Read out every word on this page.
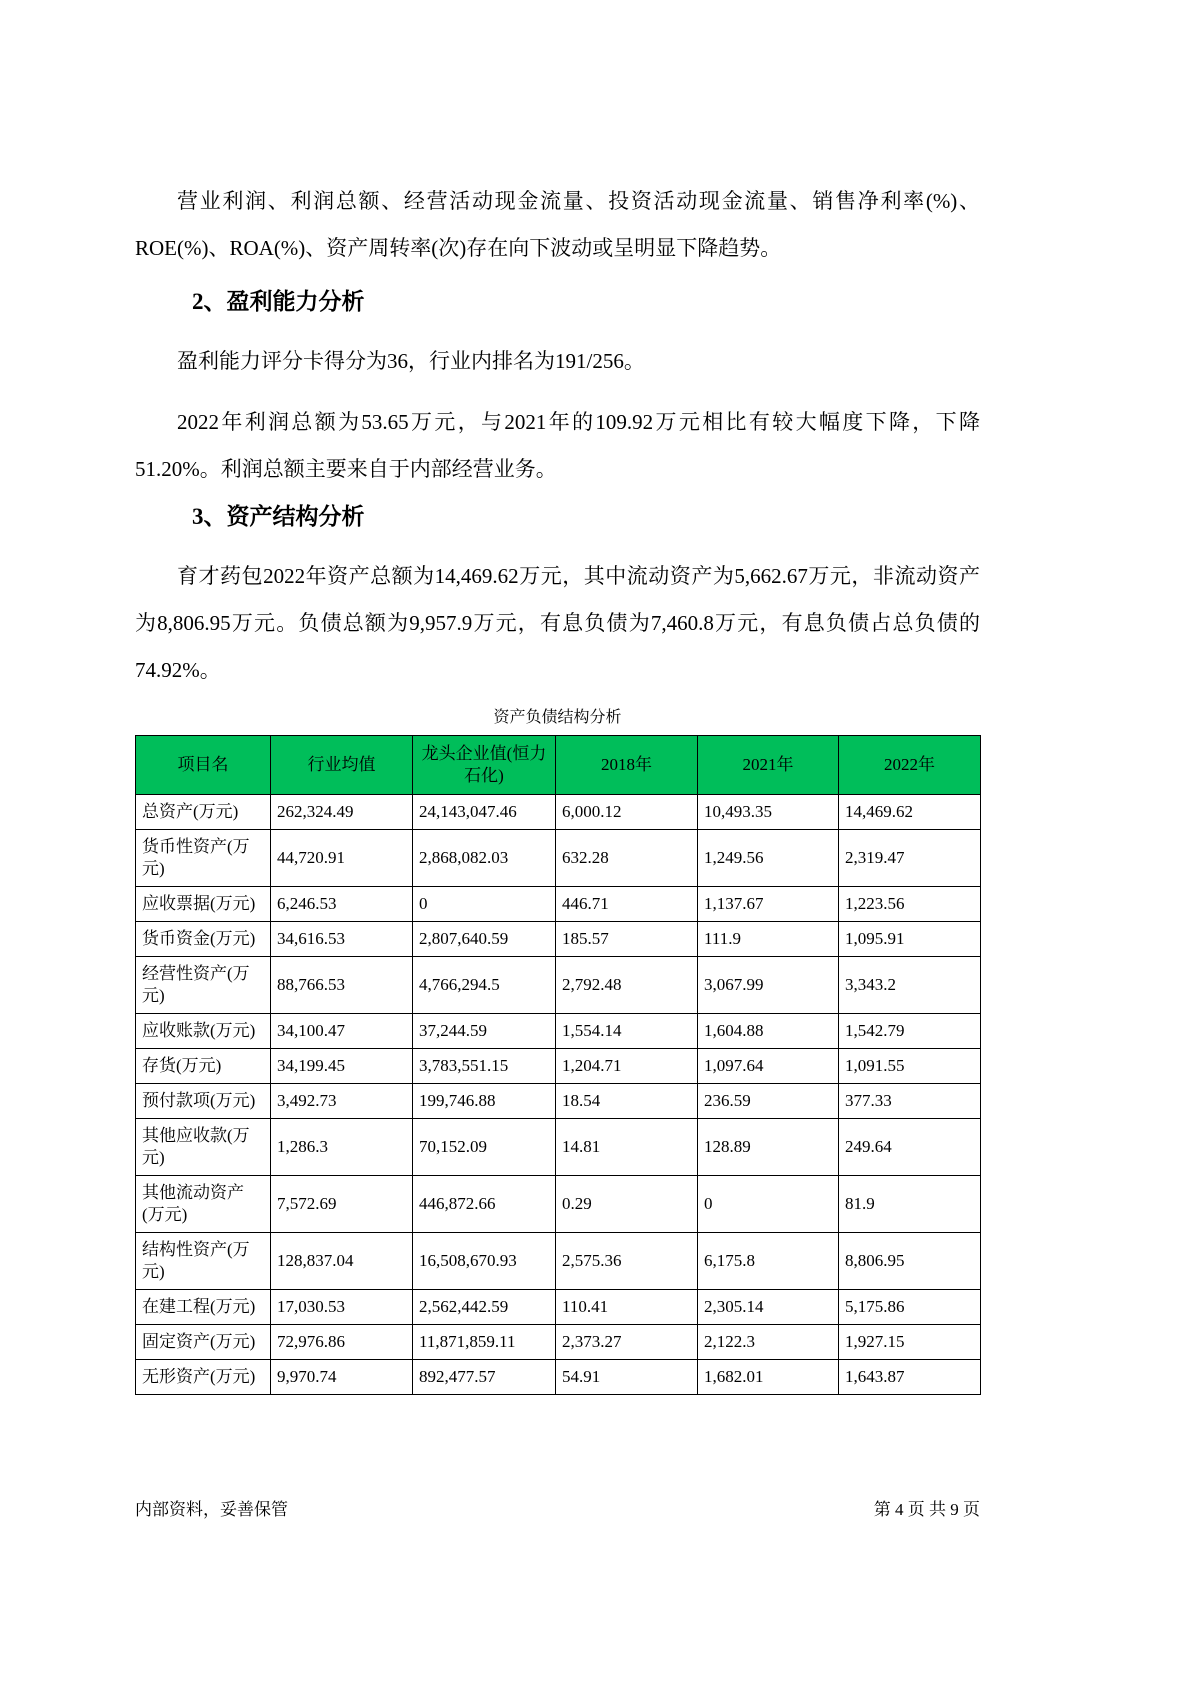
营业利润、利润总额、经营活动现金流量、投资活动现金流量、销售净利率(%)、ROE(%)、ROA(%)、资产周转率(次)存在向下波动或呈明显下降趋势。

2、盈利能力分析

盈利能力评分卡得分为36，行业内排名为191/256。

2022年利润总额为53.65万元，与2021年的109.92万元相比有较大幅度下降，下降51.20%。利润总额主要来自于内部经营业务。

3、资产结构分析

育才药包2022年资产总额为14,469.62万元，其中流动资产为5,662.67万元，非流动资产为8,806.95万元。负债总额为9,957.9万元，有息负债为7,460.8万元，有息负债占总负债的74.92%。

资产负债结构分析
项目名	行业均值	龙头企业值(恒力石化)	2018年	2021年	2022年
总资产(万元)	262,324.49	24,143,047.46	6,000.12	10,493.35	14,469.62
货币性资产(万元)	44,720.91	2,868,082.03	632.28	1,249.56	2,319.47
应收票据(万元)	6,246.53	0	446.71	1,137.67	1,223.56
货币资金(万元)	34,616.53	2,807,640.59	185.57	111.9	1,095.91
经营性资产(万元)	88,766.53	4,766,294.5	2,792.48	3,067.99	3,343.2
应收账款(万元)	34,100.47	37,244.59	1,554.14	1,604.88	1,542.79
存货(万元)	34,199.45	3,783,551.15	1,204.71	1,097.64	1,091.55
预付款项(万元)	3,492.73	199,746.88	18.54	236.59	377.33
其他应收款(万元)	1,286.3	70,152.09	14.81	128.89	249.64
其他流动资产(万元)	7,572.69	446,872.66	0.29	0	81.9
结构性资产(万元)	128,837.04	16,508,670.93	2,575.36	6,175.8	8,806.95
在建工程(万元)	17,030.53	2,562,442.59	110.41	2,305.14	5,175.86
固定资产(万元)	72,976.86	11,871,859.11	2,373.27	2,122.3	1,927.15
无形资产(万元)	9,970.74	892,477.57	54.91	1,682.01	1,643.87
内部资料，妥善保管	第 4 页 共 9 页
